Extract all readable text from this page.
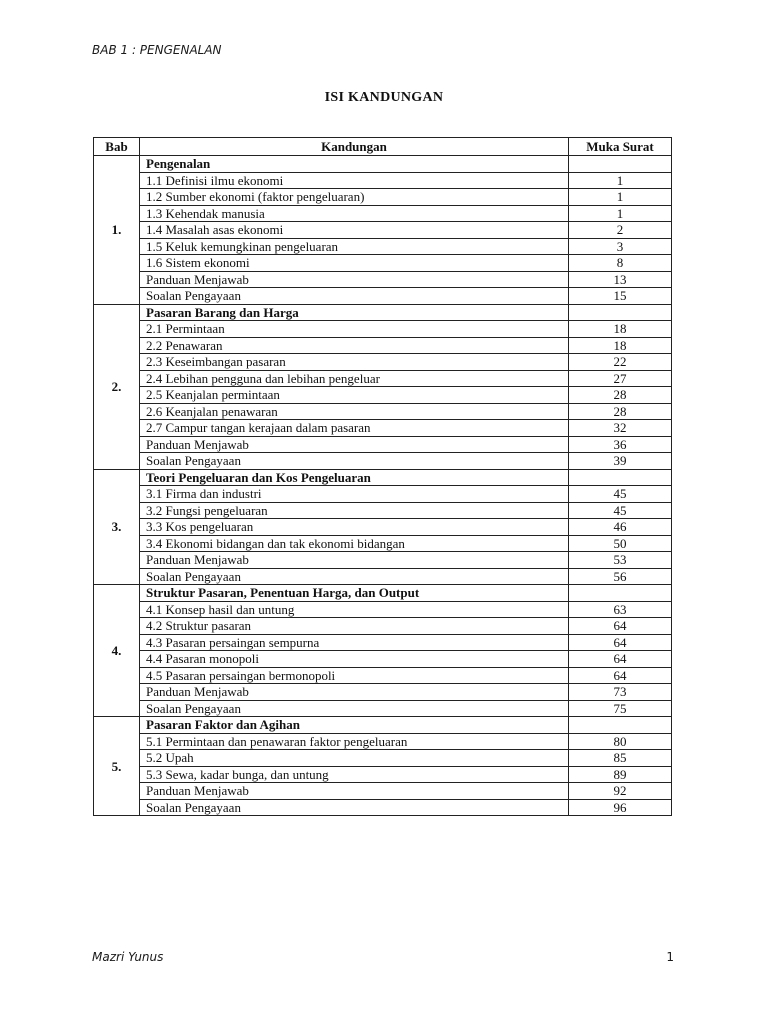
BAB 1 : PENGENALAN
ISI KANDUNGAN
Bab	Kandungan	Muka Surat
1.	Pengenalan	
	1.1 Definisi ilmu ekonomi	1
	1.2 Sumber ekonomi (faktor pengeluaran)	1
	1.3 Kehendak manusia	1
	1.4 Masalah asas ekonomi	2
	1.5 Keluk kemungkinan pengeluaran	3
	1.6 Sistem ekonomi	8
	Panduan Menjawab	13
	Soalan Pengayaan	15
2.	Pasaran Barang dan Harga	
	2.1 Permintaan	18
	2.2 Penawaran	18
	2.3 Keseimbangan pasaran	22
	2.4 Lebihan pengguna dan lebihan pengeluar	27
	2.5 Keanjalan permintaan	28
	2.6 Keanjalan penawaran	28
	2.7 Campur tangan kerajaan dalam pasaran	32
	Panduan Menjawab	36
	Soalan Pengayaan	39
3.	Teori Pengeluaran dan Kos Pengeluaran	
	3.1 Firma dan industri	45
	3.2 Fungsi pengeluaran	45
	3.3 Kos pengeluaran	46
	3.4 Ekonomi bidangan dan tak ekonomi bidangan	50
	Panduan Menjawab	53
	Soalan Pengayaan	56
4.	Struktur Pasaran, Penentuan Harga, dan Output	
	4.1 Konsep hasil dan untung	63
	4.2 Struktur pasaran	64
	4.3 Pasaran persaingan sempurna	64
	4.4 Pasaran monopoli	64
	4.5 Pasaran persaingan bermonopoli	64
	Panduan Menjawab	73
	Soalan Pengayaan	75
5.	Pasaran Faktor dan Agihan	
	5.1 Permintaan dan penawaran faktor pengeluaran	80
	5.2 Upah	85
	5.3 Sewa, kadar bunga, dan untung	89
	Panduan Menjawab	92
	Soalan Pengayaan	96
Mazri Yunus	1
